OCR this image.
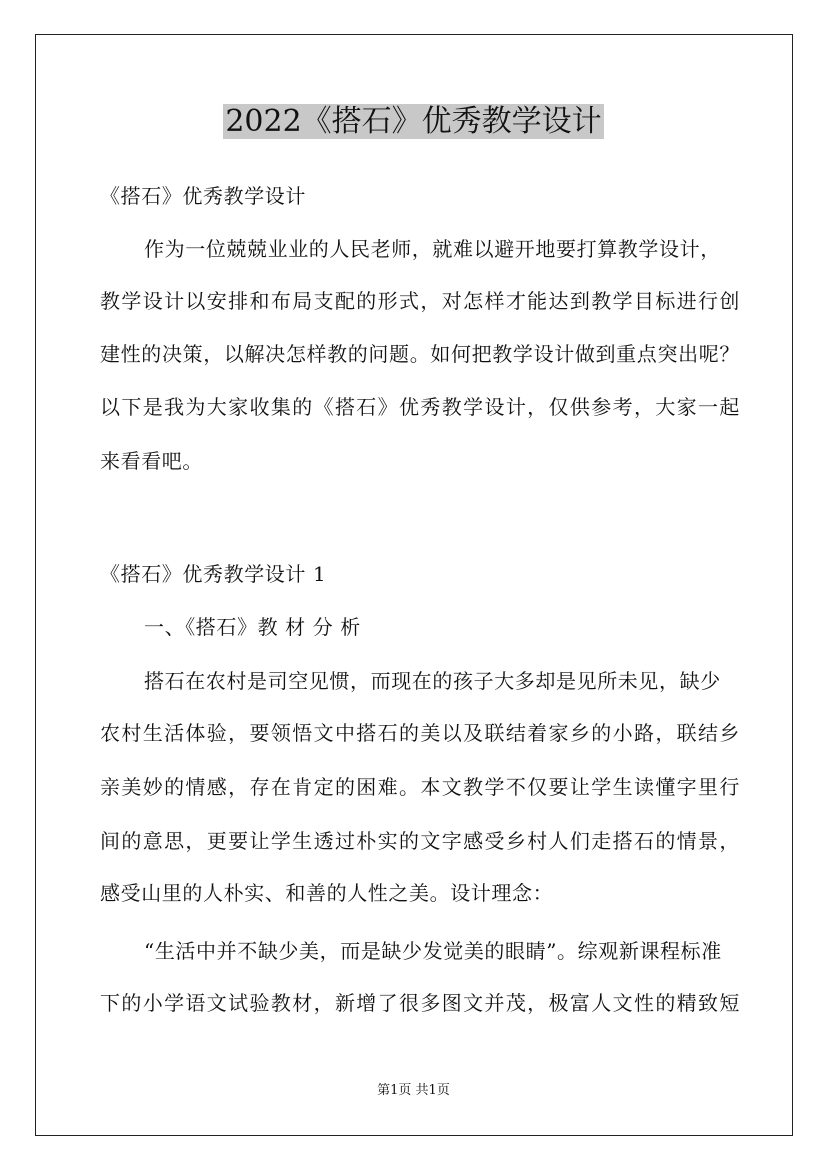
2022《搭石》优秀教学设计
《搭石》优秀教学设计
作为一位兢兢业业的人民老师，就难以避开地要打算教学设计，
教学设计以安排和布局支配的形式，对怎样才能达到教学目标进行创
建性的决策，以解决怎样教的问题。如何把教学设计做到重点突出呢？
以下是我为大家收集的《搭石》优秀教学设计，仅供参考，大家一起
来看看吧。
《搭石》优秀教学设计 1
一、《搭石》教 材 分 析
搭石在农村是司空见惯，而现在的孩子大多却是见所未见，缺少
农村生活体验，要领悟文中搭石的美以及联结着家乡的小路，联结乡
亲美妙的情感，存在肯定的困难。本文教学不仅要让学生读懂字里行
间的意思，更要让学生透过朴实的文字感受乡村人们走搭石的情景，
感受山里的人朴实、和善的人性之美。设计理念：
“生活中并不缺少美，而是缺少发觉美的眼睛”。综观新课程标准
下的小学语文试验教材，新增了很多图文并茂，极富人文性的精致短
第1页 共1页
